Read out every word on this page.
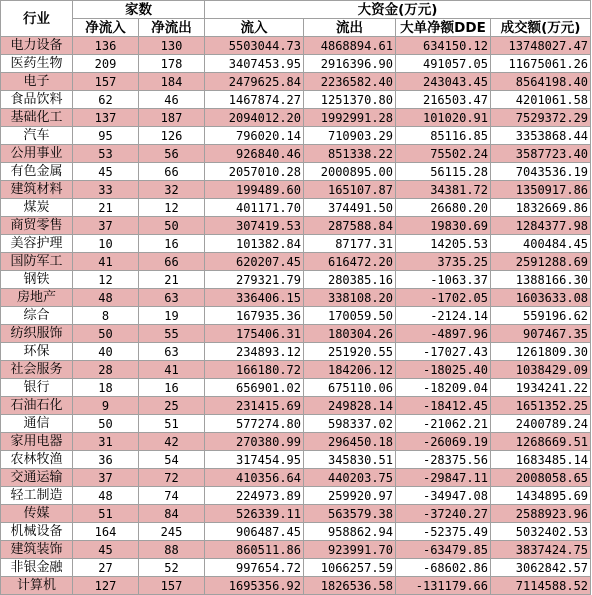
行业	家数		大资金(万元)			
	净流入	净流出	流入	流出	大单净额DDE	成交额(万元)
电力设备	136	130	5503044.73	4868894.61	634150.12	13748027.47
医药生物	209	178	3407453.95	2916396.90	491057.05	11675061.26
电子	157	184	2479625.84	2236582.40	243043.45	8564198.40
食品饮料	62	46	1467874.27	1251370.80	216503.47	4201061.58
基础化工	137	187	2094012.20	1992991.28	101020.91	7529372.29
汽车	95	126	796020.14	710903.29	85116.85	3353868.44
公用事业	53	56	926840.46	851338.22	75502.24	3587723.40
有色金属	45	66	2057010.28	2000895.00	56115.28	7043536.19
建筑材料	33	32	199489.60	165107.87	34381.72	1350917.86
煤炭	21	12	401171.70	374491.50	26680.20	1832669.86
商贸零售	37	50	307419.53	287588.84	19830.69	1284377.98
美容护理	10	16	101382.84	87177.31	14205.53	400484.45
国防军工	41	66	620207.45	616472.20	3735.25	2591288.69
钢铁	12	21	279321.79	280385.16	-1063.37	1388166.30
房地产	48	63	336406.15	338108.20	-1702.05	1603633.08
综合	8	19	167935.36	170059.50	-2124.14	559196.62
纺织服饰	50	55	175406.31	180304.26	-4897.96	907467.35
环保	40	63	234893.12	251920.55	-17027.43	1261809.30
社会服务	28	41	166180.72	184206.12	-18025.40	1038429.09
银行	18	16	656901.02	675110.06	-18209.04	1934241.22
石油石化	9	25	231415.69	249828.14	-18412.45	1651352.25
通信	50	51	577274.80	598337.02	-21062.21	2400789.24
家用电器	31	42	270380.99	296450.18	-26069.19	1268669.51
农林牧渔	36	54	317454.95	345830.51	-28375.56	1683485.14
交通运输	37	72	410356.64	440203.75	-29847.11	2008058.65
轻工制造	48	74	224973.89	259920.97	-34947.08	1434895.69
传媒	51	84	526339.11	563579.38	-37240.27	2588923.96
机械设备	164	245	906487.45	958862.94	-52375.49	5032402.53
建筑装饰	45	88	860511.86	923991.70	-63479.85	3837424.75
非银金融	27	52	997654.72	1066257.59	-68602.86	3062842.57
计算机	127	157	1695356.92	1826536.58	-131179.66	7114588.52
